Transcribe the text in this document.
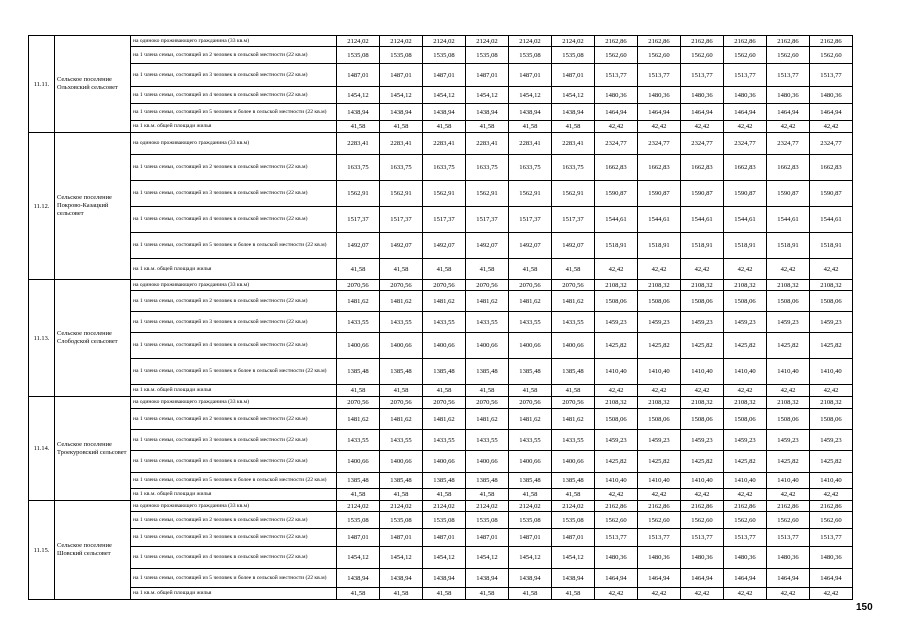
11.11.	Сельское поселение Ольховский сельсовет	на одиноко проживающего гражданина (33 кв.м)	2124,02	2124,02	2124,02	2124,02	2124,02	2124,02	2162,86	2162,86	2162,86	2162,86	2162,86	2162,86
		на 1 члена семьи, состоящей из 2 человек в сельской местности (22 кв.м)	1535,08	1535,08	1535,08	1535,08	1535,08	1535,08	1562,60	1562,60	1562,60	1562,60	1562,60	1562,60
		на 1 члена семьи, состоящей из 3 человек в сельской местности (22 кв.м)	1487,01	1487,01	1487,01	1487,01	1487,01	1487,01	1513,77	1513,77	1513,77	1513,77	1513,77	1513,77
		на 1 члена семьи, состоящей из 4 человек в сельской местности (22 кв.м)	1454,12	1454,12	1454,12	1454,12	1454,12	1454,12	1480,36	1480,36	1480,36	1480,36	1480,36	1480,36
		на 1 члена семьи, состоящей из 5 человек и более в сельской местности (22 кв.м)	1438,94	1438,94	1438,94	1438,94	1438,94	1438,94	1464,94	1464,94	1464,94	1464,94	1464,94	1464,94
		на 1 кв.м. общей площади жилья	41,58	41,58	41,58	41,58	41,58	41,58	42,42	42,42	42,42	42,42	42,42	42,42
11.12.	Сельское поселение Покрово-Казацкий сельсовет	на одиноко проживающего гражданина (33 кв.м)	2283,41	2283,41	2283,41	2283,41	2283,41	2283,41	2324,77	2324,77	2324,77	2324,77	2324,77	2324,77
		на 1 члена семьи, состоящей из 2 человек в сельской местности (22 кв.м)	1633,75	1633,75	1633,75	1633,75	1633,75	1633,75	1662,83	1662,83	1662,83	1662,83	1662,83	1662,83
		на 1 члена семьи, состоящей из 3 человек в сельской местности (22 кв.м)	1562,91	1562,91	1562,91	1562,91	1562,91	1562,91	1590,87	1590,87	1590,87	1590,87	1590,87	1590,87
		на 1 члена семьи, состоящей из 4 человек в сельской местности (22 кв.м)	1517,37	1517,37	1517,37	1517,37	1517,37	1517,37	1544,61	1544,61	1544,61	1544,61	1544,61	1544,61
		на 1 члена семьи, состоящей из 5 человек и более в сельской местности (22 кв.м)	1492,07	1492,07	1492,07	1492,07	1492,07	1492,07	1518,91	1518,91	1518,91	1518,91	1518,91	1518,91
		на 1 кв.м. общей площади жилья	41,58	41,58	41,58	41,58	41,58	41,58	42,42	42,42	42,42	42,42	42,42	42,42
11.13.	Сельское поселение Слободской сельсовет	на одиноко проживающего гражданина (33 кв.м)	2070,56	2070,56	2070,56	2070,56	2070,56	2070,56	2108,32	2108,32	2108,32	2108,32	2108,32	2108,32
		на 1 члена семьи, состоящей из 2 человек в сельской местности (22 кв.м)	1481,62	1481,62	1481,62	1481,62	1481,62	1481,62	1508,06	1508,06	1508,06	1508,06	1508,06	1508,06
		на 1 члена семьи, состоящей из 3 человек в сельской местности (22 кв.м)	1433,55	1433,55	1433,55	1433,55	1433,55	1433,55	1459,23	1459,23	1459,23	1459,23	1459,23	1459,23
		на 1 члена семьи, состоящей из 4 человек в сельской местности (22 кв.м)	1400,66	1400,66	1400,66	1400,66	1400,66	1400,66	1425,82	1425,82	1425,82	1425,82	1425,82	1425,82
		на 1 члена семьи, состоящей из 5 человек и более в сельской местности (22 кв.м)	1385,48	1385,48	1385,48	1385,48	1385,48	1385,48	1410,40	1410,40	1410,40	1410,40	1410,40	1410,40
		на 1 кв.м. общей площади жилья	41,58	41,58	41,58	41,58	41,58	41,58	42,42	42,42	42,42	42,42	42,42	42,42
11.14.	Сельское поселение Троекуровский сельсовет	на одиноко проживающего гражданина (33 кв.м)	2070,56	2070,56	2070,56	2070,56	2070,56	2070,56	2108,32	2108,32	2108,32	2108,32	2108,32	2108,32
		на 1 члена семьи, состоящей из 2 человек в сельской местности (22 кв.м)	1481,62	1481,62	1481,62	1481,62	1481,62	1481,62	1508,06	1508,06	1508,06	1508,06	1508,06	1508,06
		на 1 члена семьи, состоящей из 3 человек в сельской местности (22 кв.м)	1433,55	1433,55	1433,55	1433,55	1433,55	1433,55	1459,23	1459,23	1459,23	1459,23	1459,23	1459,23
		на 1 члена семьи, состоящей из 4 человек в сельской местности (22 кв.м)	1400,66	1400,66	1400,66	1400,66	1400,66	1400,66	1425,82	1425,82	1425,82	1425,82	1425,82	1425,82
		на 1 члена семьи, состоящей из 5 человек и более в сельской местности (22 кв.м)	1385,48	1385,48	1385,48	1385,48	1385,48	1385,48	1410,40	1410,40	1410,40	1410,40	1410,40	1410,40
		на 1 кв.м. общей площади жилья	41,58	41,58	41,58	41,58	41,58	41,58	42,42	42,42	42,42	42,42	42,42	42,42
11.15.	Сельское поселение Шовский сельсовет	на одиноко проживающего гражданина (33 кв.м)	2124,02	2124,02	2124,02	2124,02	2124,02	2124,02	2162,86	2162,86	2162,86	2162,86	2162,86	2162,86
		на 1 члена семьи, состоящей из 2 человек в сельской местности (22 кв.м)	1535,08	1535,08	1535,08	1535,08	1535,08	1535,08	1562,60	1562,60	1562,60	1562,60	1562,60	1562,60
		на 1 члена семьи, состоящей из 3 человек в сельской местности (22 кв.м)	1487,01	1487,01	1487,01	1487,01	1487,01	1487,01	1513,77	1513,77	1513,77	1513,77	1513,77	1513,77
		на 1 члена семьи, состоящей из 4 человек в сельской местности (22 кв.м)	1454,12	1454,12	1454,12	1454,12	1454,12	1454,12	1480,36	1480,36	1480,36	1480,36	1480,36	1480,36
		на 1 члена семьи, состоящей из 5 человек и более в сельской местности (22 кв.м)	1438,94	1438,94	1438,94	1438,94	1438,94	1438,94	1464,94	1464,94	1464,94	1464,94	1464,94	1464,94
		на 1 кв.м. общей площади жилья	41,58	41,58	41,58	41,58	41,58	41,58	42,42	42,42	42,42	42,42	42,42	42,42
150
